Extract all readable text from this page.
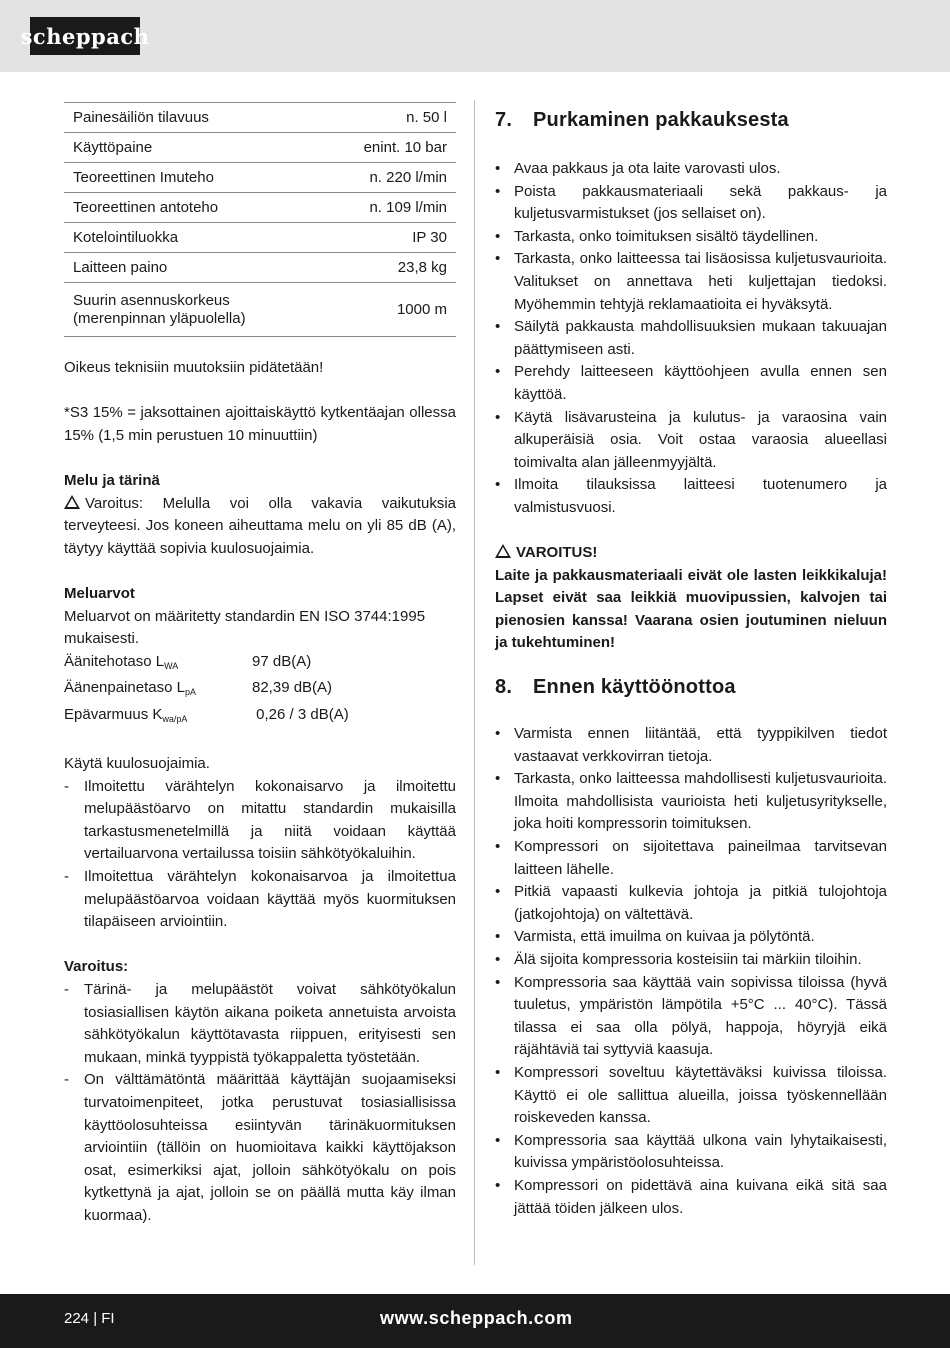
scheppach
Painesäiliön tilavuus	n. 50 l
Käyttöpaine	enint. 10 bar
Teoreettinen Imuteho	n. 220 l/min
Teoreettinen antoteho	n. 109 l/min
Kotelointiluokka	IP 30
Laitteen paino	23,8 kg

Suurin asennuskorkeus
(merenpinnan yläpuolella)	1000 m

Oikeus teknisiin muutoksiin pidätetään!

*S3 15% = jaksottainen ajoittaiskäyttö kytkentäajan ollessa 15% (1,5 min perustuen 10 minuuttiin)

Melu ja tärinä

Varoitus: Melulla voi olla vakavia vaikutuksia terveyteesi. Jos koneen aiheuttama melu on yli 85 dB (A), täytyy käyttää sopivia kuulosuojaimia.

Meluarvot

Meluarvot on määritetty standardin EN ISO 3744:1995 mukaisesti.

Äänitehotaso $L_{WA}$	97 dB(A)
Äänenpainetaso $L_{pA}$	82,39 dB(A)
Epävarmuus $K_{wa/pA}$	0,26 / 3 dB(A)

Käytä kuulosuojaimia.

- Ilmoitettu värähtelyn kokonaisarvo ja ilmoitettu melupäästöarvo on mitattu standardin mukaisilla tarkastusmenetelmillä ja niitä voidaan käyttää vertailuarvona vertailussa toisiin sähkötyökaluihin.
- Ilmoitettua värähtelyn kokonaisarvoa ja ilmoitettua melupäästöarvoa voidaan käyttää myös kuormituksen tilapäiseen arviointiin.

Varoitus:

- Tärinä- ja melupäästöt voivat sähkötyökalun tosiasiallisen käytön aikana poiketa annetuista arvoista sähkötyökalun käyttötavasta riippuen, erityisesti sen mukaan, minkä tyyppistä työkappaletta työstetään.
- On välttämätöntä määrittää käyttäjän suojaamiseksi turvatoimenpiteet, jotka perustuvat tosiasiallisissa käyttöolosuhteissa esiintyvän tärinäkuormituksen arviointiin (tällöin on huomioitava kaikki käyttöjakson osat, esimerkiksi ajat, jolloin sähkötyökalu on pois kytkettynä ja ajat, jolloin se on päällä mutta käy ilman kuormaa).
7.	Purkaminen pakkauksesta
• Avaa pakkaus ja ota laite varovasti ulos.
• Poista pakkausmateriaali sekä pakkaus- ja kuljetusvarmistukset (jos sellaiset on).
• Tarkasta, onko toimituksen sisältö täydellinen.
• Tarkasta, onko laitteessa tai lisäosissa kuljetusvaurioita. Valitukset on annettava heti kuljettajan tiedoksi. Myöhemmin tehtyjä reklamaatioita ei hyväksytä.
• Säilytä pakkausta mahdollisuuksien mukaan takuuajan päättymiseen asti.
• Perehdy laitteeseen käyttöohjeen avulla ennen sen käyttöä.
• Käytä lisävarusteina ja kulutus- ja varaosina vain alkuperäisiä osia. Voit ostaa varaosia alueellasi toimivalta alan jälleenmyyjältä.
• Ilmoita tilauksissa laitteesi tuotenumero ja valmistusvuosi.

VAROITUS!

Laite ja pakkausmateriaali eivät ole lasten leikkikaluja! Lapset eivät saa leikkiä muovipussien, kalvojen tai pienosien kanssa! Vaarana osien joutuminen nieluun ja tukehtuminen!

8.	Ennen käyttöönottoa
• Varmista ennen liitäntää, että tyyppikilven tiedot vastaavat verkkovirran tietoja.
• Tarkasta, onko laitteessa mahdollisesti kuljetusvaurioita. Ilmoita mahdollisista vaurioista heti kuljetusyritykselle, joka hoiti kompressorin toimituksen.
• Kompressori on sijoitettava paineilmaa tarvitsevan laitteen lähelle.
• Pitkiä vapaasti kulkevia johtoja ja pitkiä tulojohtoja (jatkojohtoja) on vältettävä.
• Varmista, että imuilma on kuivaa ja pölytöntä.
• Älä sijoita kompressoria kosteisiin tai märkiin tiloihin.
• Kompressoria saa käyttää vain sopivissa tiloissa (hyvä tuuletus, ympäristön lämpötila +5°C ... 40°C). Tässä tilassa ei saa olla pölyä, happoja, höyryjä eikä räjähtäviä tai syttyviä kaasuja.
• Kompressori soveltuu käytettäväksi kuivissa tiloissa. Käyttö ei ole sallittua alueilla, joissa työskennellään roiskeveden kanssa.
• Kompressoria saa käyttää ulkona vain lyhytaikaisesti, kuivissa ympäristöolosuhteissa.
• Kompressori on pidettävä aina kuivana eikä sitä saa jättää töiden jälkeen ulos.
224 | FI	www.scheppach.com
